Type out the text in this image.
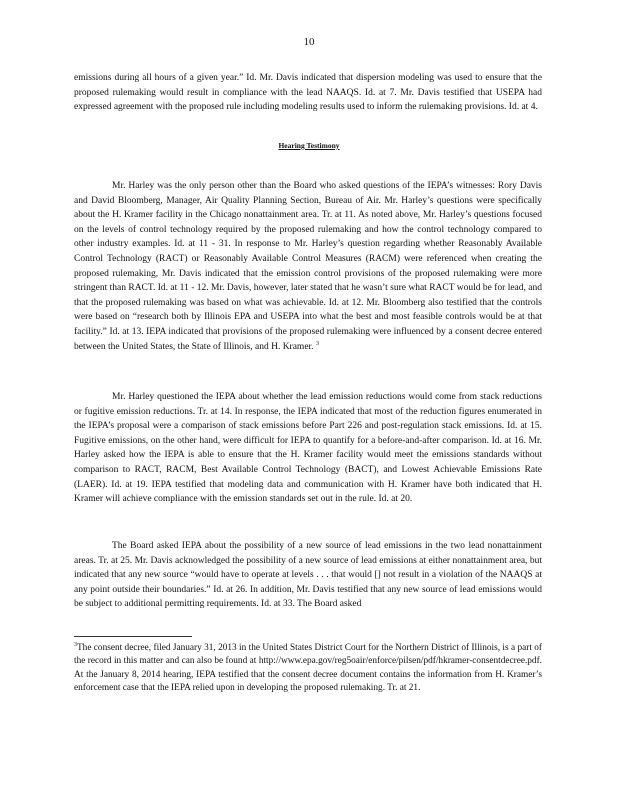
10

emissions during all hours of a given year.” Id. Mr. Davis indicated that dispersion modeling was used to ensure that the proposed rulemaking would result in compliance with the lead NAAQS. Id. at 7. Mr. Davis testified that USEPA had expressed agreement with the proposed rule including modeling results used to inform the rulemaking provisions. Id. at 4.

Hearing Testimony

Mr. Harley was the only person other than the Board who asked questions of the IEPA’s witnesses: Rory Davis and David Bloomberg, Manager, Air Quality Planning Section, Bureau of Air. Mr. Harley’s questions were specifically about the H. Kramer facility in the Chicago nonattainment area. Tr. at 11. As noted above, Mr. Harley’s questions focused on the levels of control technology required by the proposed rulemaking and how the control technology compared to other industry examples. Id. at 11 - 31. In response to Mr. Harley’s question regarding whether Reasonably Available Control Technology (RACT) or Reasonably Available Control Measures (RACM) were referenced when creating the proposed rulemaking, Mr. Davis indicated that the emission control provisions of the proposed rulemaking were more stringent than RACT. Id. at 11 - 12. Mr. Davis, however, later stated that he wasn’t sure what RACT would be for lead, and that the proposed rulemaking was based on what was achievable. Id. at 12. Mr. Bloomberg also testified that the controls were based on “research both by Illinois EPA and USEPA into what the best and most feasible controls would be at that facility.” Id. at 13. IEPA indicated that provisions of the proposed rulemaking were influenced by a consent decree entered between the United States, the State of Illinois, and H. Kramer. $^3$

Mr. Harley questioned the IEPA about whether the lead emission reductions would come from stack reductions or fugitive emission reductions. Tr. at 14. In response, the IEPA indicated that most of the reduction figures enumerated in the IEPA’s proposal were a comparison of stack emissions before Part 226 and post-regulation stack emissions. Id. at 15. Fugitive emissions, on the other hand, were difficult for IEPA to quantify for a before-and-after comparison. Id. at 16. Mr. Harley asked how the IEPA is able to ensure that the H. Kramer facility would meet the emissions standards without comparison to RACT, RACM, Best Available Control Technology (BACT), and Lowest Achievable Emissions Rate (LAER). Id. at 19. IEPA testified that modeling data and communication with H. Kramer have both indicated that H. Kramer will achieve compliance with the emission standards set out in the rule. Id. at 20.

The Board asked IEPA about the possibility of a new source of lead emissions in the two lead nonattainment areas. Tr. at 25. Mr. Davis acknowledged the possibility of a new source of lead emissions at either nonattainment area, but indicated that any new source “would have to operate at levels . . . that would [] not result in a violation of the NAAQS at any point outside their boundaries.” Id. at 26. In addition, Mr. Davis testified that any new source of lead emissions would be subject to additional permitting requirements. Id. at 33. The Board asked

$^3$The consent decree, filed January 31, 2013 in the United States District Court for the Northern District of Illinois, is a part of the record in this matter and can also be found at http://www.epa.gov/reg5oair/enforce/pilsen/pdf/hkramer-consentdecree.pdf. At the January 8, 2014 hearing, IEPA testified that the consent decree document contains the information from H. Kramer’s enforcement case that the IEPA relied upon in developing the proposed rulemaking. Tr. at 21.
